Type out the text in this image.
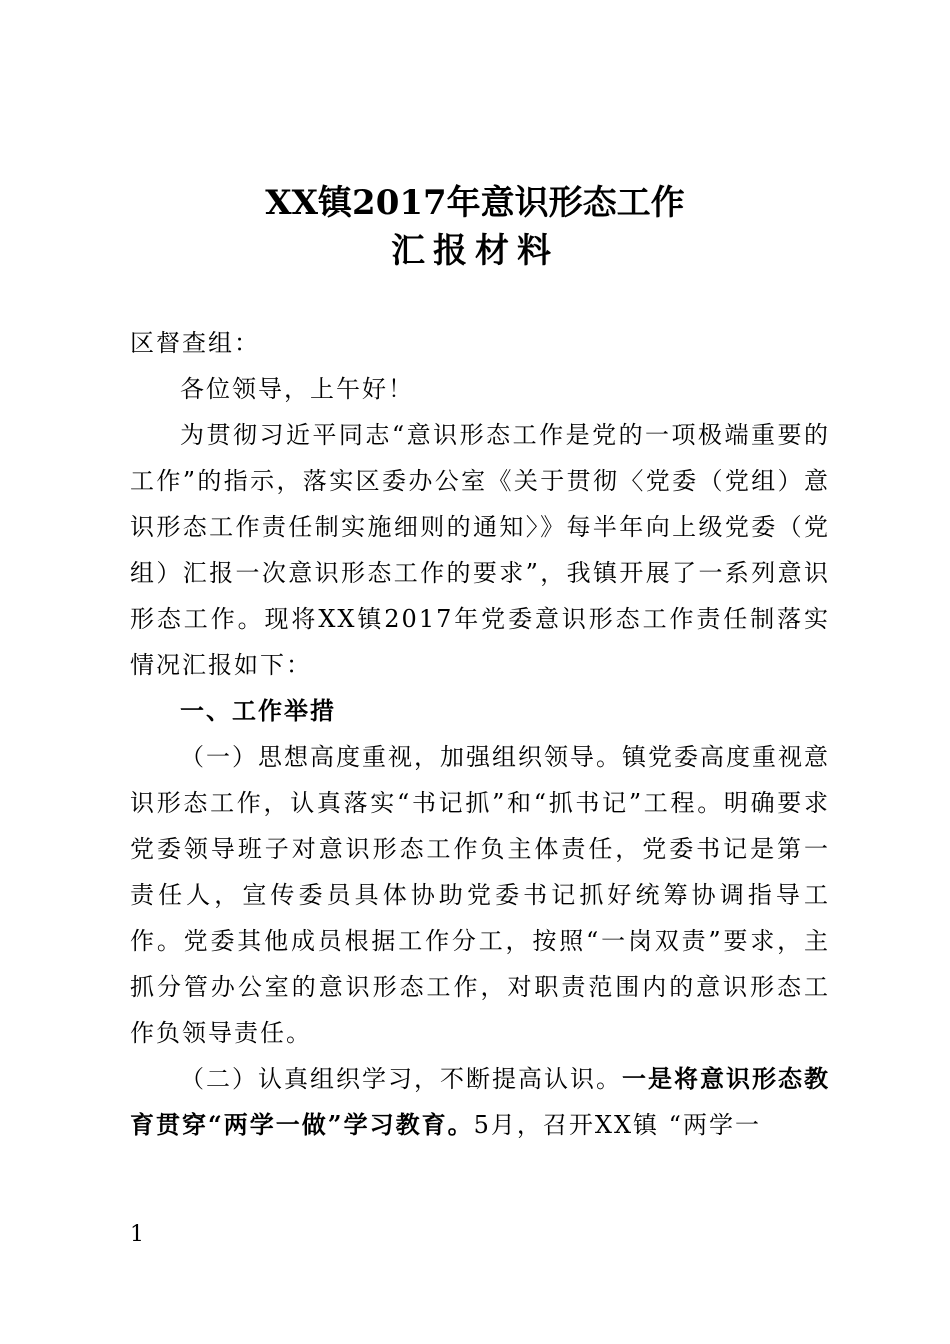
XX镇2017年意识形态工作
汇报材料

区督查组：

各位领导，上午好！

为贯彻习近平同志“意识形态工作是党的一项极端重要的工作”的指示，落实区委办公室《关于贯彻〈党委（党组）意识形态工作责任制实施细则的通知〉》每半年向上级党委（党组）汇报一次意识形态工作的要求”，我镇开展了一系列意识形态工作。现将XX镇2017年党委意识形态工作责任制落实情况汇报如下：

一、工作举措

（一）思想高度重视，加强组织领导。镇党委高度重视意识形态工作，认真落实“书记抓”和“抓书记”工程。明确要求党委领导班子对意识形态工作负主体责任，党委书记是第一责任人，宣传委员具体协助党委书记抓好统筹协调指导工作。党委其他成员根据工作分工，按照“一岗双责”要求，主抓分管办公室的意识形态工作，对职责范围内的意识形态工作负领导责任。

（二）认真组织学习，不断提高认识。一是将意识形态教育贯穿“两学一做”学习教育。5月，召开XX镇 “两学一

1
